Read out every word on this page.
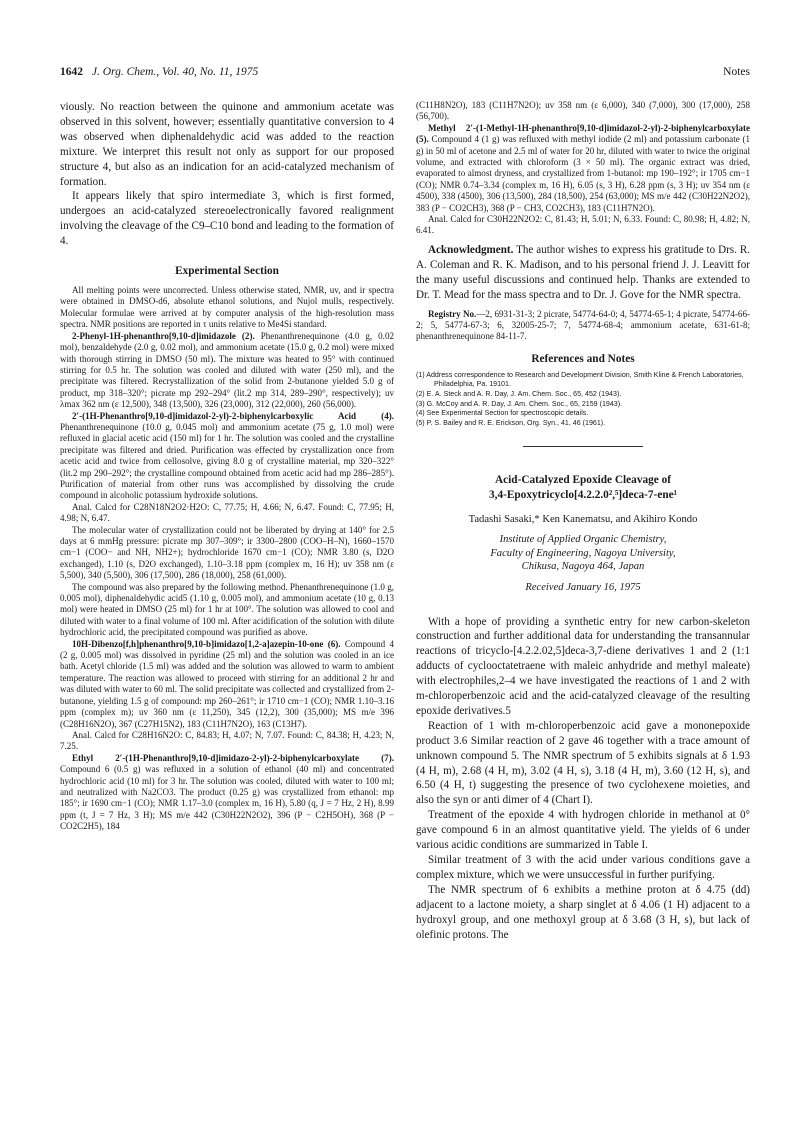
1642 J. Org. Chem., Vol. 40, No. 11, 1975	Notes

viously. No reaction between the quinone and ammonium acetate was observed in this solvent, however; essentially quantitative conversion to 4 was observed when diphenaldehydic acid was added to the reaction mixture. We interpret this result not only as support for our proposed structure 4, but also as an indication for an acid-catalyzed mechanism of formation.

It appears likely that spiro intermediate 3, which is first formed, undergoes an acid-catalyzed stereoelectronically favored realignment involving the cleavage of the C9–C10 bond and leading to the formation of 4.

Experimental Section

All melting points were uncorrected. Unless otherwise stated, NMR, uv, and ir spectra were obtained in DMSO-d6, absolute ethanol solutions, and Nujol mulls, respectively. Molecular formulae were arrived at by computer analysis of the high-resolution mass spectra. NMR positions are reported in τ units relative to Me4Si standard.

2-Phenyl-1H-phenanthro[9,10-d]imidazole (2). Phenanthrenequinone (4.0 g, 0.02 mol), benzaldehyde (2.0 g, 0.02 mol), and ammonium acetate (15.0 g, 0.2 mol) were mixed with thorough stirring in DMSO (50 ml). The mixture was heated to 95° with continued stirring for 0.5 hr. The solution was cooled and diluted with water (250 ml), and the precipitate was filtered. Recrystallization of the solid from 2-butanone yielded 5.0 g of product, mp 318–320°; picrate mp 292–294° (lit.2 mp 314, 289–290°, respectively); uv λmax 362 nm (ε 12,500), 348 (13,500), 326 (23,000), 312 (22,000), 260 (56,000).

2′-(1H-Phenanthro[9,10-d]imidazol-2-yl)-2-biphenylcarboxylic Acid (4). Phenanthrenequinone (10.0 g, 0.045 mol) and ammonium acetate (75 g, 1.0 mol) were refluxed in glacial acetic acid (150 ml) for 1 hr. The solution was cooled and the crystalline precipitate was filtered and dried. Purification was effected by crystallization once from acetic acid and twice from cellosolve, giving 8.0 g of crystalline material, mp 320–322° (lit.2 mp 290–292°; the crystalline compound obtained from acetic acid had mp 286–285°). Purification of material from other runs was accomplished by dissolving the crude compound in alcoholic potassium hydroxide solutions.

Anal. Calcd for C28N18N2O2·H2O: C, 77.75; H, 4.66; N, 6.47. Found: C, 77.95; H, 4.98; N, 6.47.

The molecular water of crystallization could not be liberated by drying at 140° for 2.5 days at 6 mmHg pressure: picrate mp 307–309°; ir 3300–2800 (COO–H–N), 1660–1570 cm−1 (COO− and NH, NH2+); hydrochloride 1670 cm−1 (CO); NMR 3.80 (s, D2O exchanged), 1.10 (s, D2O exchanged), 1.10–3.18 ppm (complex m, 16 H); uv 358 nm (ε 5,500), 340 (5,500), 306 (17,500), 286 (18,000), 258 (61,000).

The compound was also prepared by the following method. Phenanthrenequinone (1.0 g, 0.005 mol), diphenaldehydic acid5 (1.10 g, 0.005 mol), and ammonium acetate (10 g, 0.13 mol) were heated in DMSO (25 ml) for 1 hr at 100°. The solution was allowed to cool and diluted with water to a final volume of 100 ml. After acidification of the solution with dilute hydrochloric acid, the precipitated compound was purified as above.

10H-Dibenzo[f,h]phenanthro[9,10-b]imidazo[1,2-a]azepin-10-one (6). Compound 4 (2 g, 0.005 mol) was dissolved in pyridine (25 ml) and the solution was cooled in an ice bath. Acetyl chloride (1.5 ml) was added and the solution was allowed to warm to ambient temperature. The reaction was allowed to proceed with stirring for an additional 2 hr and was diluted with water to 60 ml. The solid precipitate was collected and crystallized from 2-butanone, yielding 1.5 g of compound: mp 260–261°; ir 1710 cm−1 (CO); NMR 1.10–3.16 ppm (complex m); uv 360 nm (ε 11,250), 345 (12,2), 300 (35,000); MS m/e 396 (C28H16N2O), 367 (C27H15N2), 183 (C11H7N2O), 163 (C13H7).

Anal. Calcd for C28H16N2O: C, 84.83; H, 4.07; N, 7.07. Found: C, 84.38; H, 4.23; N, 7.25.

Ethyl 2′-(1H-Phenanthro[9,10-d]imidazo-2-yl)-2-biphenylcarboxylate (7). Compound 6 (0.5 g) was refluxed in a solution of ethanol (40 ml) and concentrated hydrochloric acid (10 ml) for 3 hr. The solution was cooled, diluted with water to 100 ml; and neutralized with Na2CO3. The product (0.25 g) was crystallized from ethanol: mp 185°; ir 1690 cm−1 (CO); NMR 1.17–3.0 (complex m, 16 H), 5.80 (q, J = 7 Hz, 2 H), 8.99 ppm (t, J = 7 Hz, 3 H); MS m/e 442 (C30H22N2O2), 396 (P − C2H5OH), 368 (P − CO2C2H5), 184

(C11H8N2O), 183 (C11H7N2O); uv 358 nm (ε 6,000), 340 (7,000), 300 (17,000), 258 (56,700).

Methyl 2′-(1-Methyl-1H-phenanthro[9,10-d]imidazol-2-yl)-2-biphenylcarboxylate (5). Compound 4 (1 g) was refluxed with methyl iodide (2 ml) and potassium carbonate (1 g) in 50 ml of acetone and 2.5 ml of water for 20 hr, diluted with water to twice the original volume, and extracted with chloroform (3 × 50 ml). The organic extract was dried, evaporated to almost dryness, and crystallized from 1-butanol: mp 190–192°; ir 1705 cm−1 (CO); NMR 0.74–3.34 (complex m, 16 H), 6.05 (s, 3 H), 6.28 ppm (s, 3 H); uv 354 nm (ε 4500), 338 (4500), 306 (13,500), 284 (18,500), 254 (63,000); MS m/e 442 (C30H22N2O2), 383 (P − CO2CH3), 368 (P − CH3, CO2CH3), 183 (C11H7N2O).

Anal. Calcd for C30H22N2O2: C, 81.43; H, 5.01; N, 6.33. Found: C, 80.98; H, 4.82; N, 6.41.

Acknowledgment. The author wishes to express his gratitude to Drs. R. A. Coleman and R. K. Madison, and to his personal friend J. J. Leavitt for the many useful discussions and continued help. Thanks are extended to Dr. T. Mead for the mass spectra and to Dr. J. Gove for the NMR spectra.

Registry No.—2, 6931-31-3; 2 picrate, 54774-64-0; 4, 54774-65-1; 4 picrate, 54774-66-2; 5, 54774-67-3; 6, 32005-25-7; 7, 54774-68-4; ammonium acetate, 631-61-8; phenanthrenequinone 84-11-7.

References and Notes
(1) Address correspondence to Research and Development Division, Smith Kline & French Laboratories, Philadelphia, Pa. 19101.
(2) E. A. Steck and A. R. Day, J. Am. Chem. Soc., 65, 452 (1943).
(3) G. McCoy and A. R. Day, J. Am. Chem. Soc., 65, 2159 (1943).
(4) See Experimental Section for spectroscopic details.
(5) P. S. Bailey and R. E. Erickson, Org. Syn., 41, 46 (1961).
Acid-Catalyzed Epoxide Cleavage of
3,4-Epoxytricyclo[4.2.2.0²,⁵]deca-7-ene¹
Tadashi Sasaki,* Ken Kanematsu, and Akihiro Kondo
Institute of Applied Organic Chemistry,
Faculty of Engineering, Nagoya University,
Chikusa, Nagoya 464, Japan
Received January 16, 1975

With a hope of providing a synthetic entry for new carbon-skeleton construction and further additional data for understanding the transannular reactions of tricyclo-[4.2.2.02,5]deca-3,7-diene derivatives 1 and 2 (1:1 adducts of cyclooctatetraene with maleic anhydride and methyl maleate) with electrophiles,2–4 we have investigated the reactions of 1 and 2 with m-chloroperbenzoic acid and the acid-catalyzed cleavage of the resulting epoxide derivatives.5

Reaction of 1 with m-chloroperbenzoic acid gave a mononepoxide product 3.6 Similar reaction of 2 gave 46 together with a trace amount of unknown compound 5. The NMR spectrum of 5 exhibits signals at δ 1.93 (4 H, m), 2.68 (4 H, m), 3.02 (4 H, s), 3.18 (4 H, m), 3.60 (12 H, s), and 6.50 (4 H, t) suggesting the presence of two cyclohexene moieties, and also the syn or anti dimer of 4 (Chart I).

Treatment of the epoxide 4 with hydrogen chloride in methanol at 0° gave compound 6 in an almost quantitative yield. The yields of 6 under various acidic conditions are summarized in Table I.

Similar treatment of 3 with the acid under various conditions gave a complex mixture, which we were unsuccessful in further purifying.

The NMR spectrum of 6 exhibits a methine proton at δ 4.75 (dd) adjacent to a lactone moiety, a sharp singlet at δ 4.06 (1 H) adjacent to a hydroxyl group, and one methoxyl group at δ 3.68 (3 H, s), but lack of olefinic protons. The
